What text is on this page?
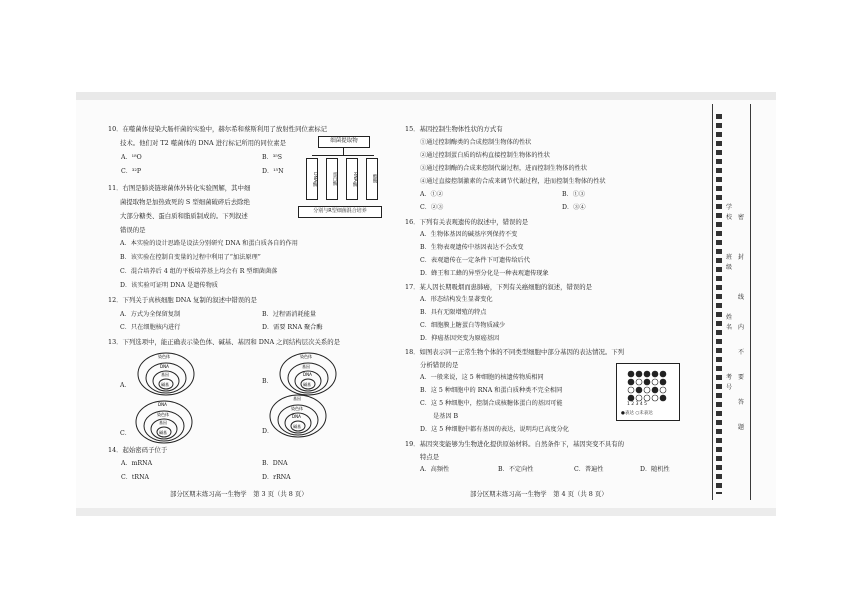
10．在噬菌体侵染大肠杆菌的实验中，赫尔希和蔡斯利用了放射性同位素标记
技术。他们对 T2 噬菌体的 DNA 进行标记所用的同位素是
A．¹⁸O	B．³⁵S
C．³²P	D．¹⁵N
11．右图是肺炎链球菌体外转化实验图解，其中细
菌提取物是加热致死的 S 型细菌破碎后去除绝
大部分糖类、蛋白质和脂质制成的。下列叙述
错误的是
细菌提取物
DNA酶	蛋白酶	RNA酶	酯酶
分别与R型细菌混合培养
A．本实验的设计思路是设法分别研究 DNA 和蛋白质各自的作用
B．该实验在控制自变量的过程中利用了“加法原理”
C．混合培养后 4 组的平板培养基上均会有 R 型细菌菌落
D．该实验可证明 DNA 是遗传物质
12．下列关于真核细胞 DNA 复制的叙述中错误的是
A．方式为全保留复制	B．过程需消耗能量
C．只在细胞核内进行	D．需要 RNA 聚合酶
13．下列选项中，能正确表示染色体、碱基、基因和 DNA 之间结构层次关系的是
A．
B．
C．	D．
染色体
DNA
基因
碱基
染色体
基因
DNA
碱基
DNA
染色体
基因
碱基
基因
染色体
DNA
碱基
14．起始密码子位于
A．mRNA	B．DNA
C．tRNA	D．rRNA
部分区期末练习高一生物学　第 3 页（共 8 页）
15．基因控制生物体性状的方式有
①通过控制酶类的合成控制生物体的性状
②通过控制蛋白质的结构直接控制生物体的性状
③通过控制酶的合成来控制代谢过程，进而控制生物体的性状
④通过直接控制激素的合成来调节代谢过程，进而控制生物体的性状
A．①②	B．①③
C．②③	D．③④
16．下列有关表观遗传的叙述中，错误的是
A．生物体基因的碱基序列保持不变
B．生物表观遗传中基因表达不会改变
C．表观遗传在一定条件下可遗传给后代
D．蜂王和工蜂的异型分化是一种表观遗传现象
17．某人因长期吸烟而患肺癌，下列有关癌细胞的叙述，错误的是
A．形态结构发生显著变化
B．具有无限增殖的特点
C．细胞膜上糖蛋白等物质减少
D．抑癌基因突变为原癌基因
18．如图表示同一正常生物个体的不同类型细胞中部分基因的表达情况。下列
分析错误的是
A．一般来说，这 5 种细胞的核遗传物质相同
B．这 5 种细胞中的 RNA 和蛋白质种类不完全相同
C．这 5 种细胞中，控制合成核糖体蛋白的基因可能
是基因 B
D．这 5 种细胞中都有基因的表达，说明均已高度分化
1 2 3 4 5
●表达 ○未表达
19．基因突变能够为生物进化提供原始材料。自然条件下，基因突变不具有的
特点是
A．高频性	B．不定向性	C．普遍性	D．随机性
部分区期末练习高一生物学　第 4 页（共 8 页）
学
校
班
级
姓
名
考
号
密
封
线
内
不
要
答
题
